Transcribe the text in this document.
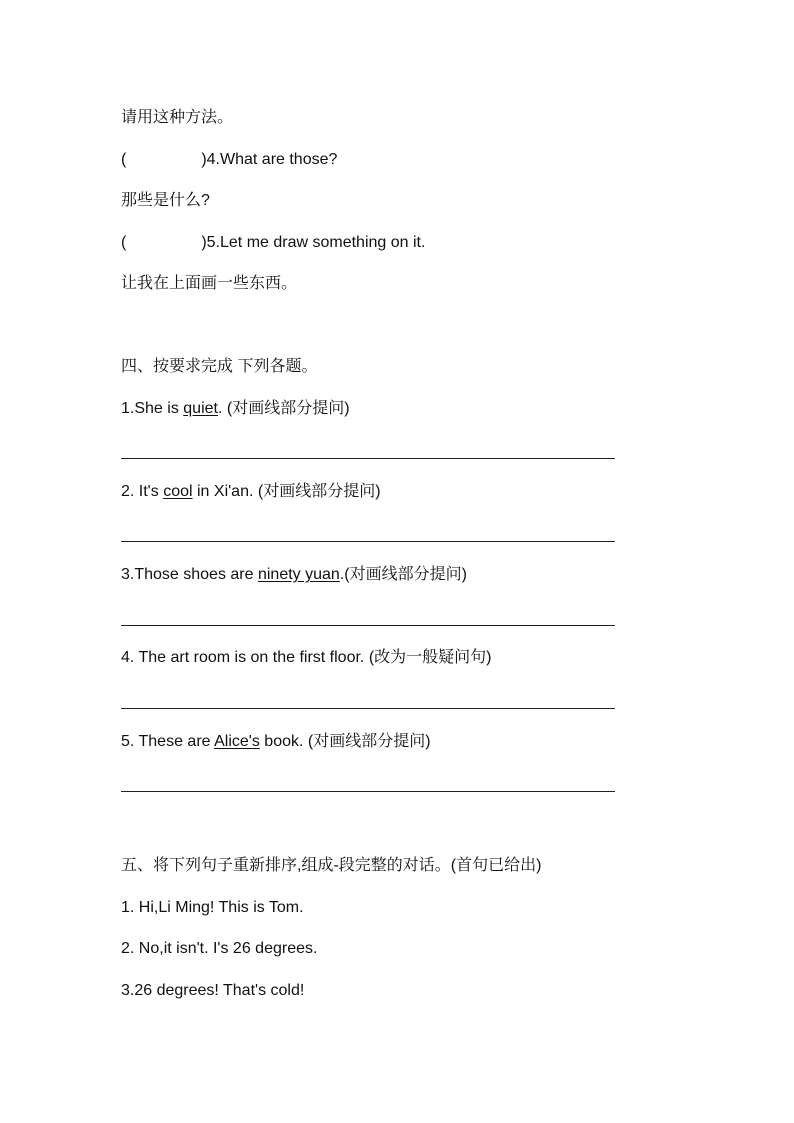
请用这种方法。
(	)4.What are those?
那些是什么?
(	)5.Let me draw something on it.
让我在上面画一些东西。
四、按要求完成 下列各题。
1.She is quiet. (对画线部分提问)
2. It's cool in Xi'an. (对画线部分提问)
3.Those shoes are ninety yuan.(对画线部分提问)
4. The art room is on the first floor. (改为一般疑问句)
5. These are Alice's book. (对画线部分提问)
五、将下列句子重新排序,组成-段完整的对话。(首句已给出)
1. Hi,Li Ming! This is Tom.
2. No,it isn't. I's 26 degrees.
3.26 degrees! That's cold!
